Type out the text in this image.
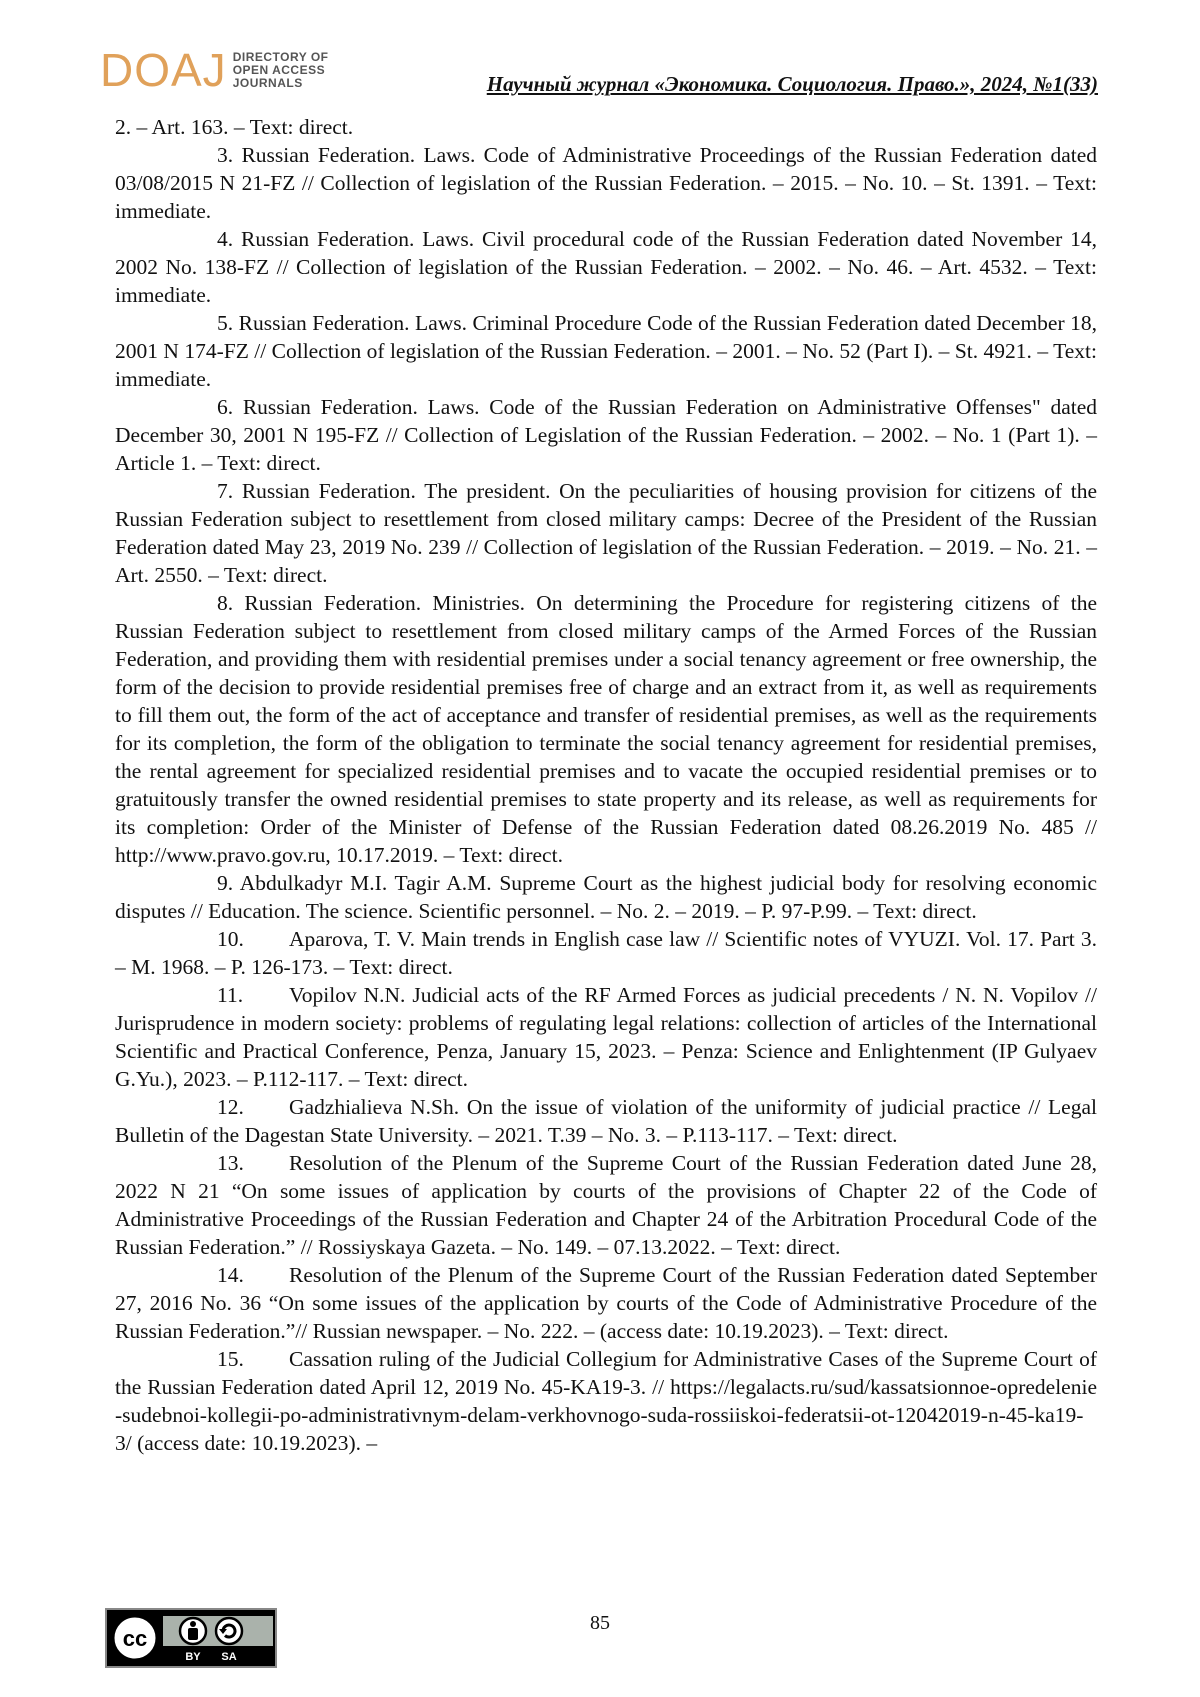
DOAJ DIRECTORY OF
OPEN ACCESS
JOURNALS	Научный журнал «Экономика. Социология. Право.», 2024, №1(33)

2. – Art. 163. – Text: direct.

3. Russian Federation. Laws. Code of Administrative Proceedings of the Russian Federation dated 03/08/2015 N 21-FZ // Collection of legislation of the Russian Federation. – 2015. – No. 10. – St. 1391. – Text: immediate.

4. Russian Federation. Laws. Civil procedural code of the Russian Federation dated November 14, 2002 No. 138-FZ // Collection of legislation of the Russian Federation. – 2002. – No. 46. – Art. 4532. – Text: immediate.

5. Russian Federation. Laws. Criminal Procedure Code of the Russian Federation dated December 18, 2001 N 174-FZ // Collection of legislation of the Russian Federation. – 2001. – No. 52 (Part I). – St. 4921. – Text: immediate.

6. Russian Federation. Laws. Code of the Russian Federation on Administrative Offenses" dated December 30, 2001 N 195-FZ // Collection of Legislation of the Russian Federation. – 2002. – No. 1 (Part 1). – Article 1. – Text: direct.

7. Russian Federation. The president. On the peculiarities of housing provision for citizens of the Russian Federation subject to resettlement from closed military camps: Decree of the President of the Russian Federation dated May 23, 2019 No. 239 // Collection of legislation of the Russian Federation. – 2019. – No. 21. – Art. 2550. – Text: direct.

8. Russian Federation. Ministries. On determining the Procedure for registering citizens of the Russian Federation subject to resettlement from closed military camps of the Armed Forces of the Russian Federation, and providing them with residential premises under a social tenancy agreement or free ownership, the form of the decision to provide residential premises free of charge and an extract from it, as well as requirements to fill them out, the form of the act of acceptance and transfer of residential premises, as well as the requirements for its completion, the form of the obligation to terminate the social tenancy agreement for residential premises, the rental agreement for specialized residential premises and to vacate the occupied residential premises or to gratuitously transfer the owned residential premises to state property and its release, as well as requirements for its completion: Order of the Minister of Defense of the Russian Federation dated 08.26.2019 No. 485 // http://www.pravo.gov.ru, 10.17.2019. – Text: direct.

9. Abdulkadyr M.I. Tagir A.M. Supreme Court as the highest judicial body for resolving economic disputes // Education. The science. Scientific personnel. – No. 2. – 2019. – P. 97-P.99. – Text: direct.

10. Aparova, T. V. Main trends in English case law // Scientific notes of VYUZI. Vol. 17. Part 3. – M. 1968. – P. 126-173. – Text: direct.

11. Vopilov N.N. Judicial acts of the RF Armed Forces as judicial precedents / N. N. Vopilov // Jurisprudence in modern society: problems of regulating legal relations: collection of articles of the International Scientific and Practical Conference, Penza, January 15, 2023. – Penza: Science and Enlightenment (IP Gulyaev G.Yu.), 2023. – P.112-117. – Text: direct.

12. Gadzhialieva N.Sh. On the issue of violation of the uniformity of judicial practice // Legal Bulletin of the Dagestan State University. – 2021. T.39 – No. 3. – P.113-117. – Text: direct.

13. Resolution of the Plenum of the Supreme Court of the Russian Federation dated June 28, 2022 N 21 “On some issues of application by courts of the provisions of Chapter 22 of the Code of Administrative Proceedings of the Russian Federation and Chapter 24 of the Arbitration Procedural Code of the Russian Federation.” // Rossiyskaya Gazeta. – No. 149. – 07.13.2022. – Text: direct.

14. Resolution of the Plenum of the Supreme Court of the Russian Federation dated September 27, 2016 No. 36 “On some issues of the application by courts of the Code of Administrative Procedure of the Russian Federation.”// Russian newspaper. – No. 222. – (access date: 10.19.2023). – Text: direct.

15. Cassation ruling of the Judicial Collegium for Administrative Cases of the Supreme Court of the Russian Federation dated April 12, 2019 No. 45-KA19-3. // https://legalacts.ru/sud/kassatsionnoe-opredelenie-sudebnoi-kollegii-po-administrativnym-delam-verkhovnogo-suda-rossiiskoi-federatsii-ot-12042019-n-45-ka19-3/ (access date: 10.19.2023). –

cc
BY SA
85
